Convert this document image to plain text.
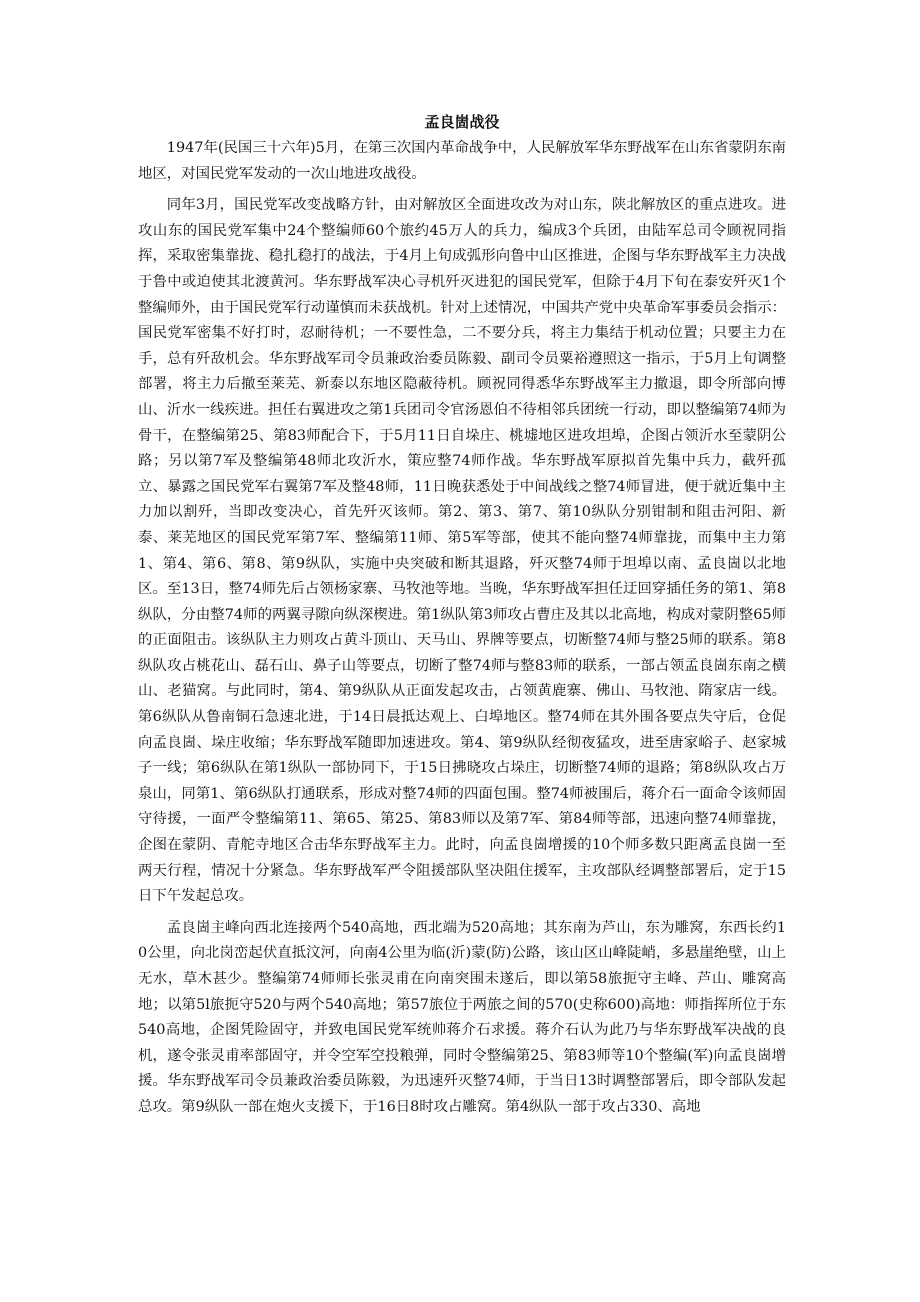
孟良崮战役

1947年(民国三十六年)5月，在第三次国内革命战争中，人民解放军华东野战军在山东省蒙阴东南地区，对国民党军发动的一次山地进攻战役。

同年3月，国民党军改变战略方针，由对解放区全面进攻改为对山东，陕北解放区的重点进攻。进攻山东的国民党军集中24个整编师60个旅约45万人的兵力，编成3个兵团，由陆军总司令顾祝同指挥，采取密集靠拢、稳扎稳打的战法，于4月上旬成弧形向鲁中山区推进，企图与华东野战军主力决战于鲁中或迫使其北渡黄河。华东野战军决心寻机歼灭进犯的国民党军，但除于4月下旬在泰安歼灭1个整编师外，由于国民党军行动谨慎而未获战机。针对上述情况，中国共产党中央革命军事委员会指示：国民党军密集不好打时，忍耐待机；一不要性急，二不要分兵，将主力集结于机动位置；只要主力在手，总有歼敌机会。华东野战军司令员兼政治委员陈毅、副司令员粟裕遵照这一指示，于5月上旬调整部署，将主力后撤至莱芜、新泰以东地区隐蔽待机。顾祝同得悉华东野战军主力撤退，即令所部向博山、沂水一线疾进。担任右翼进攻之第1兵团司令官汤恩伯不待相邻兵团统一行动，即以整编第74师为骨干，在整编第25、第83师配合下，于5月11日自垛庄、桃墟地区进攻坦埠，企图占领沂水至蒙阴公路；另以第7军及整编第48师北攻沂水，策应整74师作战。华东野战军原拟首先集中兵力，截歼孤立、暴露之国民党军右翼第7军及整48师，11日晚获悉处于中间战线之整74师冒进，便于就近集中主力加以割歼，当即改变决心，首先歼灭该师。第2、第3、第7、第10纵队分别钳制和阻击河阳、新泰、莱芜地区的国民党军第7军、整编第11师、第5军等部，使其不能向整74师靠拢，而集中主力第1、第4、第6、第8、第9纵队，实施中央突破和断其退路，歼灭整74师于坦埠以南、孟良崮以北地区。至13日，整74师先后占领杨家寨、马牧池等地。当晚，华东野战军担任迂回穿插任务的第1、第8纵队，分由整74师的两翼寻隙向纵深楔进。第1纵队第3师攻占曹庄及其以北高地，构成对蒙阴整65师的正面阻击。该纵队主力则攻占黄斗顶山、天马山、界牌等要点，切断整74师与整25师的联系。第8纵队攻占桃花山、磊石山、鼻子山等要点，切断了整74师与整83师的联系，一部占领孟良崮东南之横山、老猫窝。与此同时，第4、第9纵队从正面发起攻击，占领黄鹿寨、佛山、马牧池、隋家店一线。第6纵队从鲁南铜石急速北进，于14日晨抵达观上、白埠地区。整74师在其外围各要点失守后，仓促向孟良崮、垛庄收缩；华东野战军随即加速进攻。第4、第9纵队经彻夜猛攻，进至唐家峪子、赵家城子一线；第6纵队在第1纵队一部协同下，于15日拂晓攻占垛庄，切断整74师的退路；第8纵队攻占万泉山，同第1、第6纵队打通联系，形成对整74师的四面包围。整74师被围后，蒋介石一面命令该师固守待援，一面严令整编第11、第65、第25、第83师以及第7军、第84师等部，迅速向整74师靠拢，企图在蒙阴、青舵寺地区合击华东野战军主力。此时，向孟良崮增援的10个师多数只距离孟良崮一至两天行程，情况十分紧急。华东野战军严令阻援部队坚决阻住援军，主攻部队经调整部署后，定于15日下午发起总攻。

孟良崮主峰向西北连接两个540高地，西北端为520高地；其东南为芦山，东为雕窝，东西长约10公里，向北岗峦起伏直抵汶河，向南4公里为临(沂)蒙(防)公路，该山区山峰陡峭，多悬崖绝壁，山上无水，草木甚少。整编第74师师长张灵甫在向南突围未遂后，即以第58旅扼守主峰、芦山、雕窝高地；以第5l旅扼守520与两个540高地；第57旅位于两旅之间的570(史称600)高地：师指挥所位于东540高地，企图凭险固守，并致电国民党军统帅蒋介石求援。蒋介石认为此乃与华东野战军决战的良机，遂令张灵甫率部固守，并令空军空投粮弹，同时令整编第25、第83师等10个整编(军)向孟良崮增援。华东野战军司令员兼政治委员陈毅，为迅速歼灭整74师，于当日13时调整部署后，即令部队发起总攻。第9纵队一部在炮火支援下，于16日8时攻占雕窝。第4纵队一部于攻占330、高地
